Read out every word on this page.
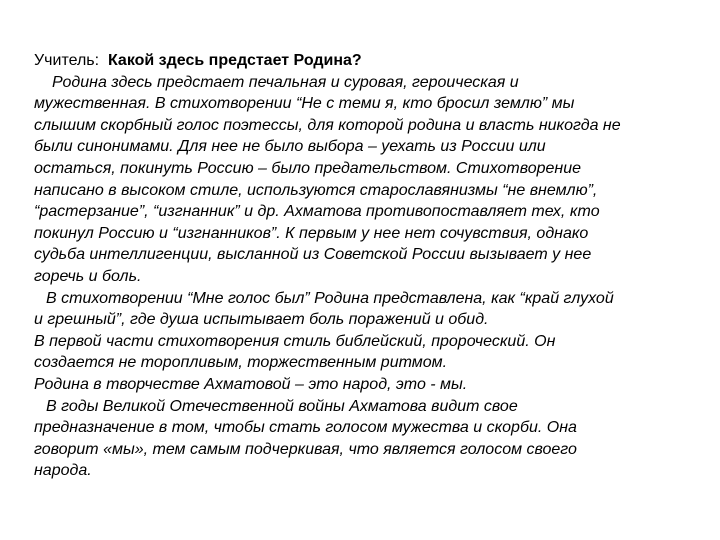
Учитель: Какой здесь предстает Родина?
Родина здесь предстает печальная и суровая, героическая и
мужественная. В стихотворении “Не с теми я, кто бросил землю” мы
слышим скорбный голос поэтессы, для которой родина и власть никогда не
были синонимами. Для нее не было выбора – уехать из России или
остаться, покинуть Россию – было предательством. Стихотворение
написано в высоком стиле, используются старославянизмы “не внемлю”,
“растерзание”, “изгнанник” и др. Ахматова противопоставляет тех, кто
покинул Россию и “изгнанников”. К первым у нее нет сочувствия, однако
судьба интеллигенции, высланной из Советской России вызывает у нее
горечь и боль.
В стихотворении “Мне голос был” Родина представлена, как “край глухой
и грешный”, где душа испытывает боль поражений и обид.
В первой части стихотворения стиль библейский, пророческий. Он
создается не торопливым, торжественным ритмом.
Родина в творчестве Ахматовой – это народ, это - мы.
В годы Великой Отечественной войны Ахматова видит свое
предназначение в том, чтобы стать голосом мужества и скорби. Она
говорит «мы», тем самым подчеркивая, что является голосом своего
народа.
